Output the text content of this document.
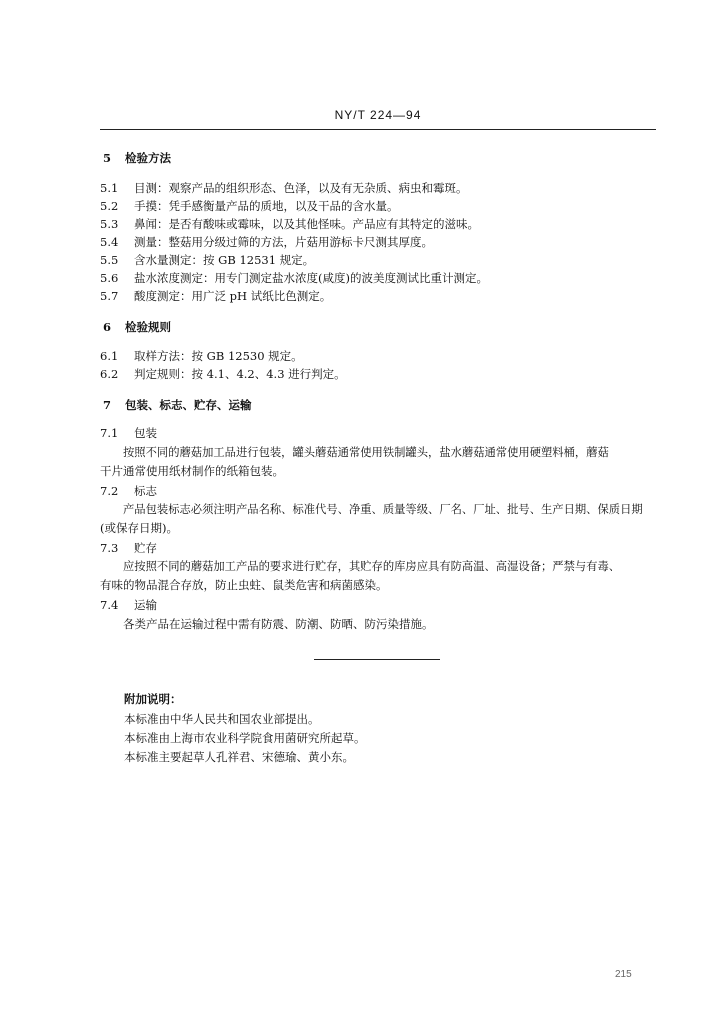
NY/T 224—94
5 检验方法
5.1 目测：观察产品的组织形态、色泽，以及有无杂质、病虫和霉斑。
5.2 手摸：凭手感衡量产品的质地，以及干品的含水量。
5.3 鼻闻：是否有酸味或霉味，以及其他怪味。产品应有其特定的滋味。
5.4 测量：整菇用分级过筛的方法，片菇用游标卡尺测其厚度。
5.5 含水量测定：按 GB 12531 规定。
5.6 盐水浓度测定：用专门测定盐水浓度(咸度)的波美度测试比重计测定。
5.7 酸度测定：用广泛 pH 试纸比色测定。
6 检验规则
6.1 取样方法：按 GB 12530 规定。
6.2 判定规则：按 4.1、4.2、4.3 进行判定。
7 包装、标志、贮存、运输
7.1 包装
按照不同的蘑菇加工品进行包装，罐头蘑菇通常使用铁制罐头，盐水蘑菇通常使用硬塑料桶，蘑菇
干片通常使用纸材制作的纸箱包装。
7.2 标志
产品包装标志必须注明产品名称、标准代号、净重、质量等级、厂名、厂址、批号、生产日期、保质日期
(或保存日期)。
7.3 贮存
应按照不同的蘑菇加工产品的要求进行贮存，其贮存的库房应具有防高温、高湿设备；严禁与有毒、
有味的物品混合存放，防止虫蛀、鼠类危害和病菌感染。
7.4 运输
各类产品在运输过程中需有防震、防潮、防晒、防污染措施。
附加说明：
本标准由中华人民共和国农业部提出。
本标准由上海市农业科学院食用菌研究所起草。
本标准主要起草人孔祥君、宋德瑜、黄小东。
215
